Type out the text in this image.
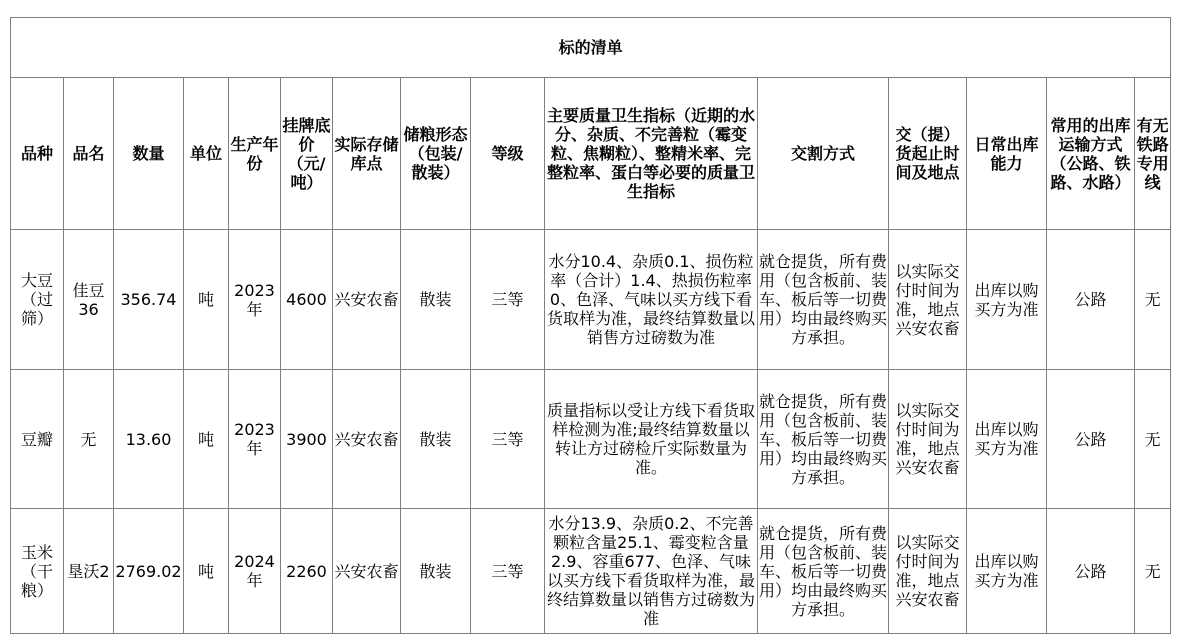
标的清单														
品种	品名	数量	单位	生产年份	挂牌底价（元/吨）	实际存储库点	储粮形态（包装/散装）	等级	主要质量卫生指标（近期的水分、杂质、不完善粒（霉变粒、焦糊粒）、整精米率、完整粒率、蛋白等必要的质量卫生指标	交割方式	交（提）货起止时间及地点	日常出库能力	常用的出库运输方式（公路、铁路、水路）	有无铁路专用线
大豆（过筛）	佳豆36	356.74	吨	2023年	4600	兴安农畜	散装	三等	水分10.4、杂质0.1、损伤粒率（合计）1.4、热损伤粒率0、色泽、气味以买方线下看货取样为准，最终结算数量以销售方过磅数为准	就仓提货，所有费用（包含板前、装车、板后等一切费用）均由最终购买方承担。	以实际交付时间为准，地点兴安农畜	出库以购买方为准	公路	无
豆瓣	无	13.60	吨	2023年	3900	兴安农畜	散装	三等	质量指标以受让方线下看货取样检测为准;最终结算数量以转让方过磅检斤实际数量为准。	就仓提货，所有费用（包含板前、装车、板后等一切费用）均由最终购买方承担。	以实际交付时间为准，地点兴安农畜	出库以购买方为准	公路	无
玉米（干粮）	垦沃2	2769.02	吨	2024年	2260	兴安农畜	散装	三等	水分13.9、杂质0.2、不完善颗粒含量25.1、霉变粒含量2.9、容重677、色泽、气味以买方线下看货取样为准，最终结算数量以销售方过磅数为准	就仓提货，所有费用（包含板前、装车、板后等一切费用）均由最终购买方承担。	以实际交付时间为准，地点兴安农畜	出库以购买方为准	公路	无
